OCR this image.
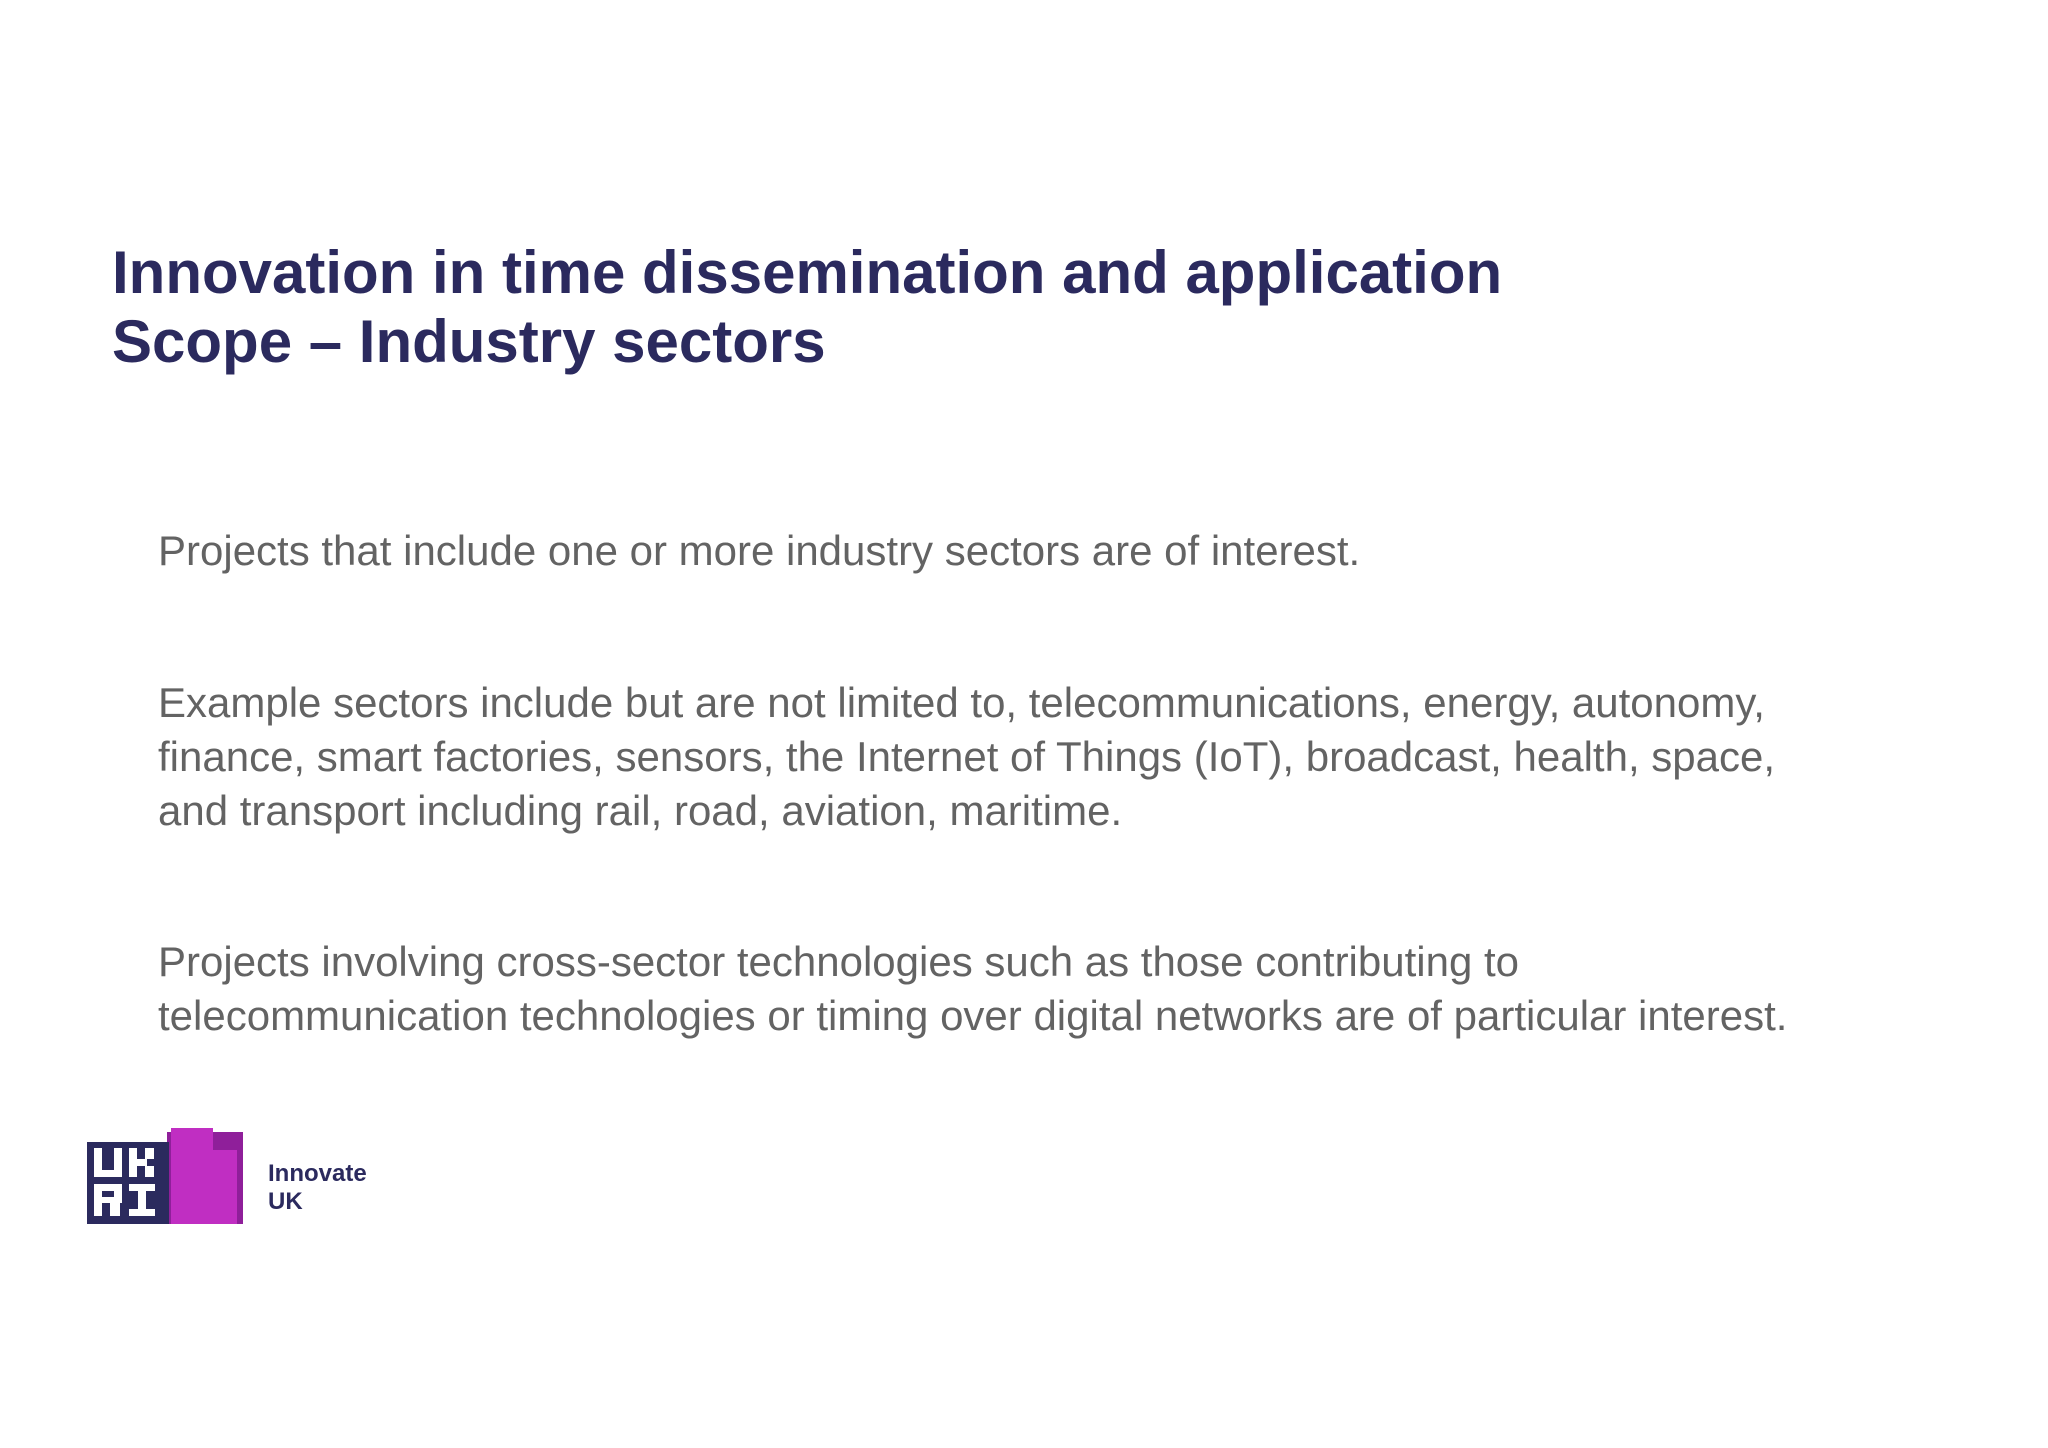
Innovation in time dissemination and application
Scope – Industry sectors

Projects that include one or more industry sectors are of interest.

Example sectors include but are not limited to, telecommunications, energy, autonomy,
finance, smart factories, sensors, the Internet of Things (IoT), broadcast, health, space,
and transport including rail, road, aviation, maritime.

Projects involving cross-sector technologies such as those contributing to
telecommunication technologies or timing over digital networks are of particular interest.

Innovate
UK
